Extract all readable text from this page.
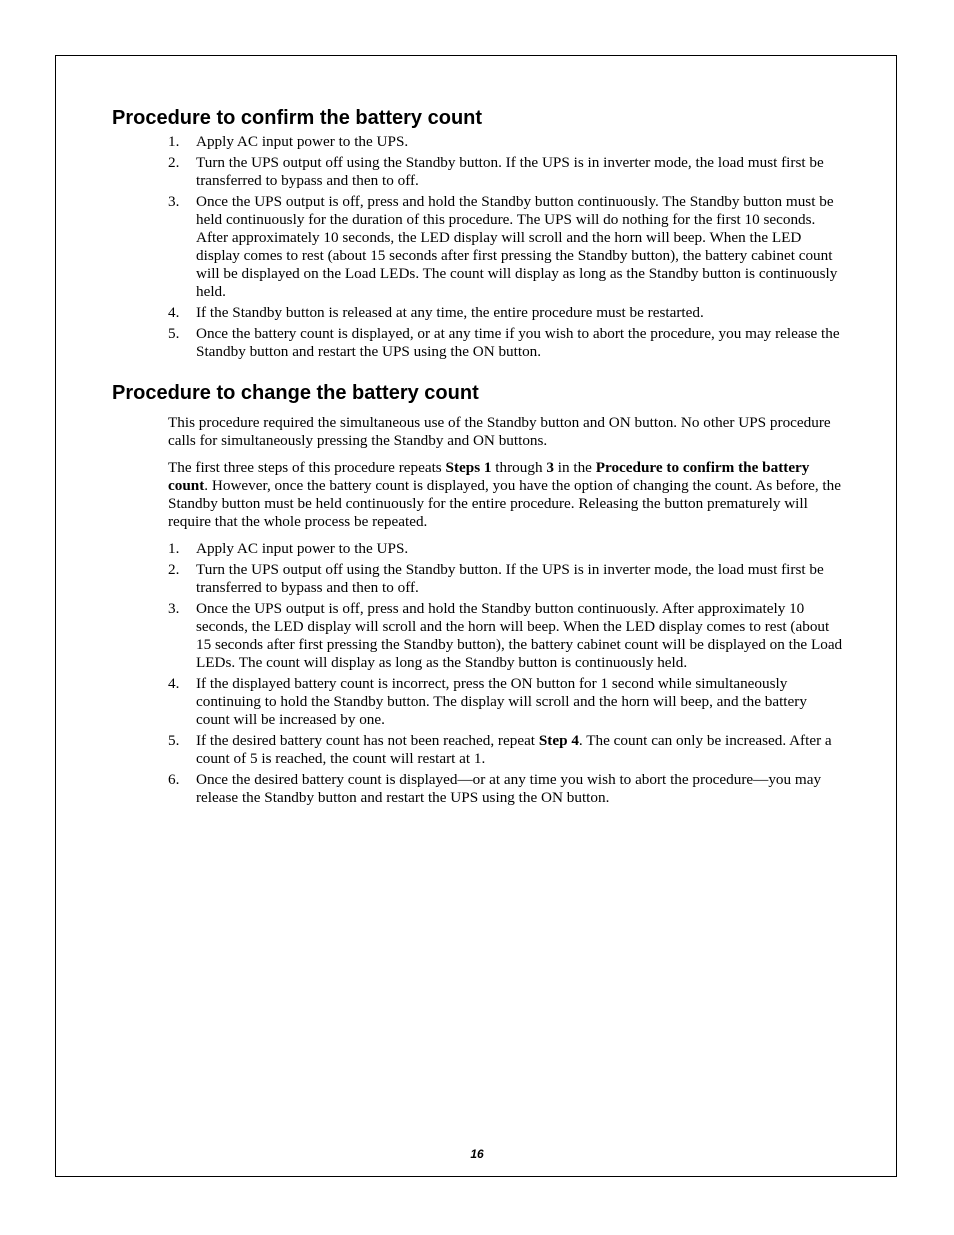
Procedure to confirm the battery count
1. Apply AC input power to the UPS.
2. Turn the UPS output off using the Standby button. If the UPS is in inverter mode, the load must first be transferred to bypass and then to off.
3. Once the UPS output is off, press and hold the Standby button continuously. The Standby button must be held continuously for the duration of this procedure. The UPS will do nothing for the first 10 seconds. After approximately 10 seconds, the LED display will scroll and the horn will beep. When the LED display comes to rest (about 15 seconds after first pressing the Standby button), the battery cabinet count will be displayed on the Load LEDs. The count will display as long as the Standby button is continuously held.
4. If the Standby button is released at any time, the entire procedure must be restarted.
5. Once the battery count is displayed, or at any time if you wish to abort the procedure, you may release the Standby button and restart the UPS using the ON button.
Procedure to change the battery count

This procedure required the simultaneous use of the Standby button and ON button. No other UPS procedure calls for simultaneously pressing the Standby and ON buttons.

The first three steps of this procedure repeats Steps 1 through 3 in the Procedure to confirm the battery count. However, once the battery count is displayed, you have the option of changing the count. As before, the Standby button must be held continuously for the entire procedure. Releasing the button prematurely will require that the whole process be repeated.

1. Apply AC input power to the UPS.
2. Turn the UPS output off using the Standby button. If the UPS is in inverter mode, the load must first be transferred to bypass and then to off.
3. Once the UPS output is off, press and hold the Standby button continuously. After approximately 10 seconds, the LED display will scroll and the horn will beep. When the LED display comes to rest (about 15 seconds after first pressing the Standby button), the battery cabinet count will be displayed on the Load LEDs. The count will display as long as the Standby button is continuously held.
4. If the displayed battery count is incorrect, press the ON button for 1 second while simultaneously continuing to hold the Standby button. The display will scroll and the horn will beep, and the battery count will be increased by one.
5. If the desired battery count has not been reached, repeat Step 4. The count can only be increased. After a count of 5 is reached, the count will restart at 1.
6. Once the desired battery count is displayed—or at any time you wish to abort the procedure—you may release the Standby button and restart the UPS using the ON button.
16
